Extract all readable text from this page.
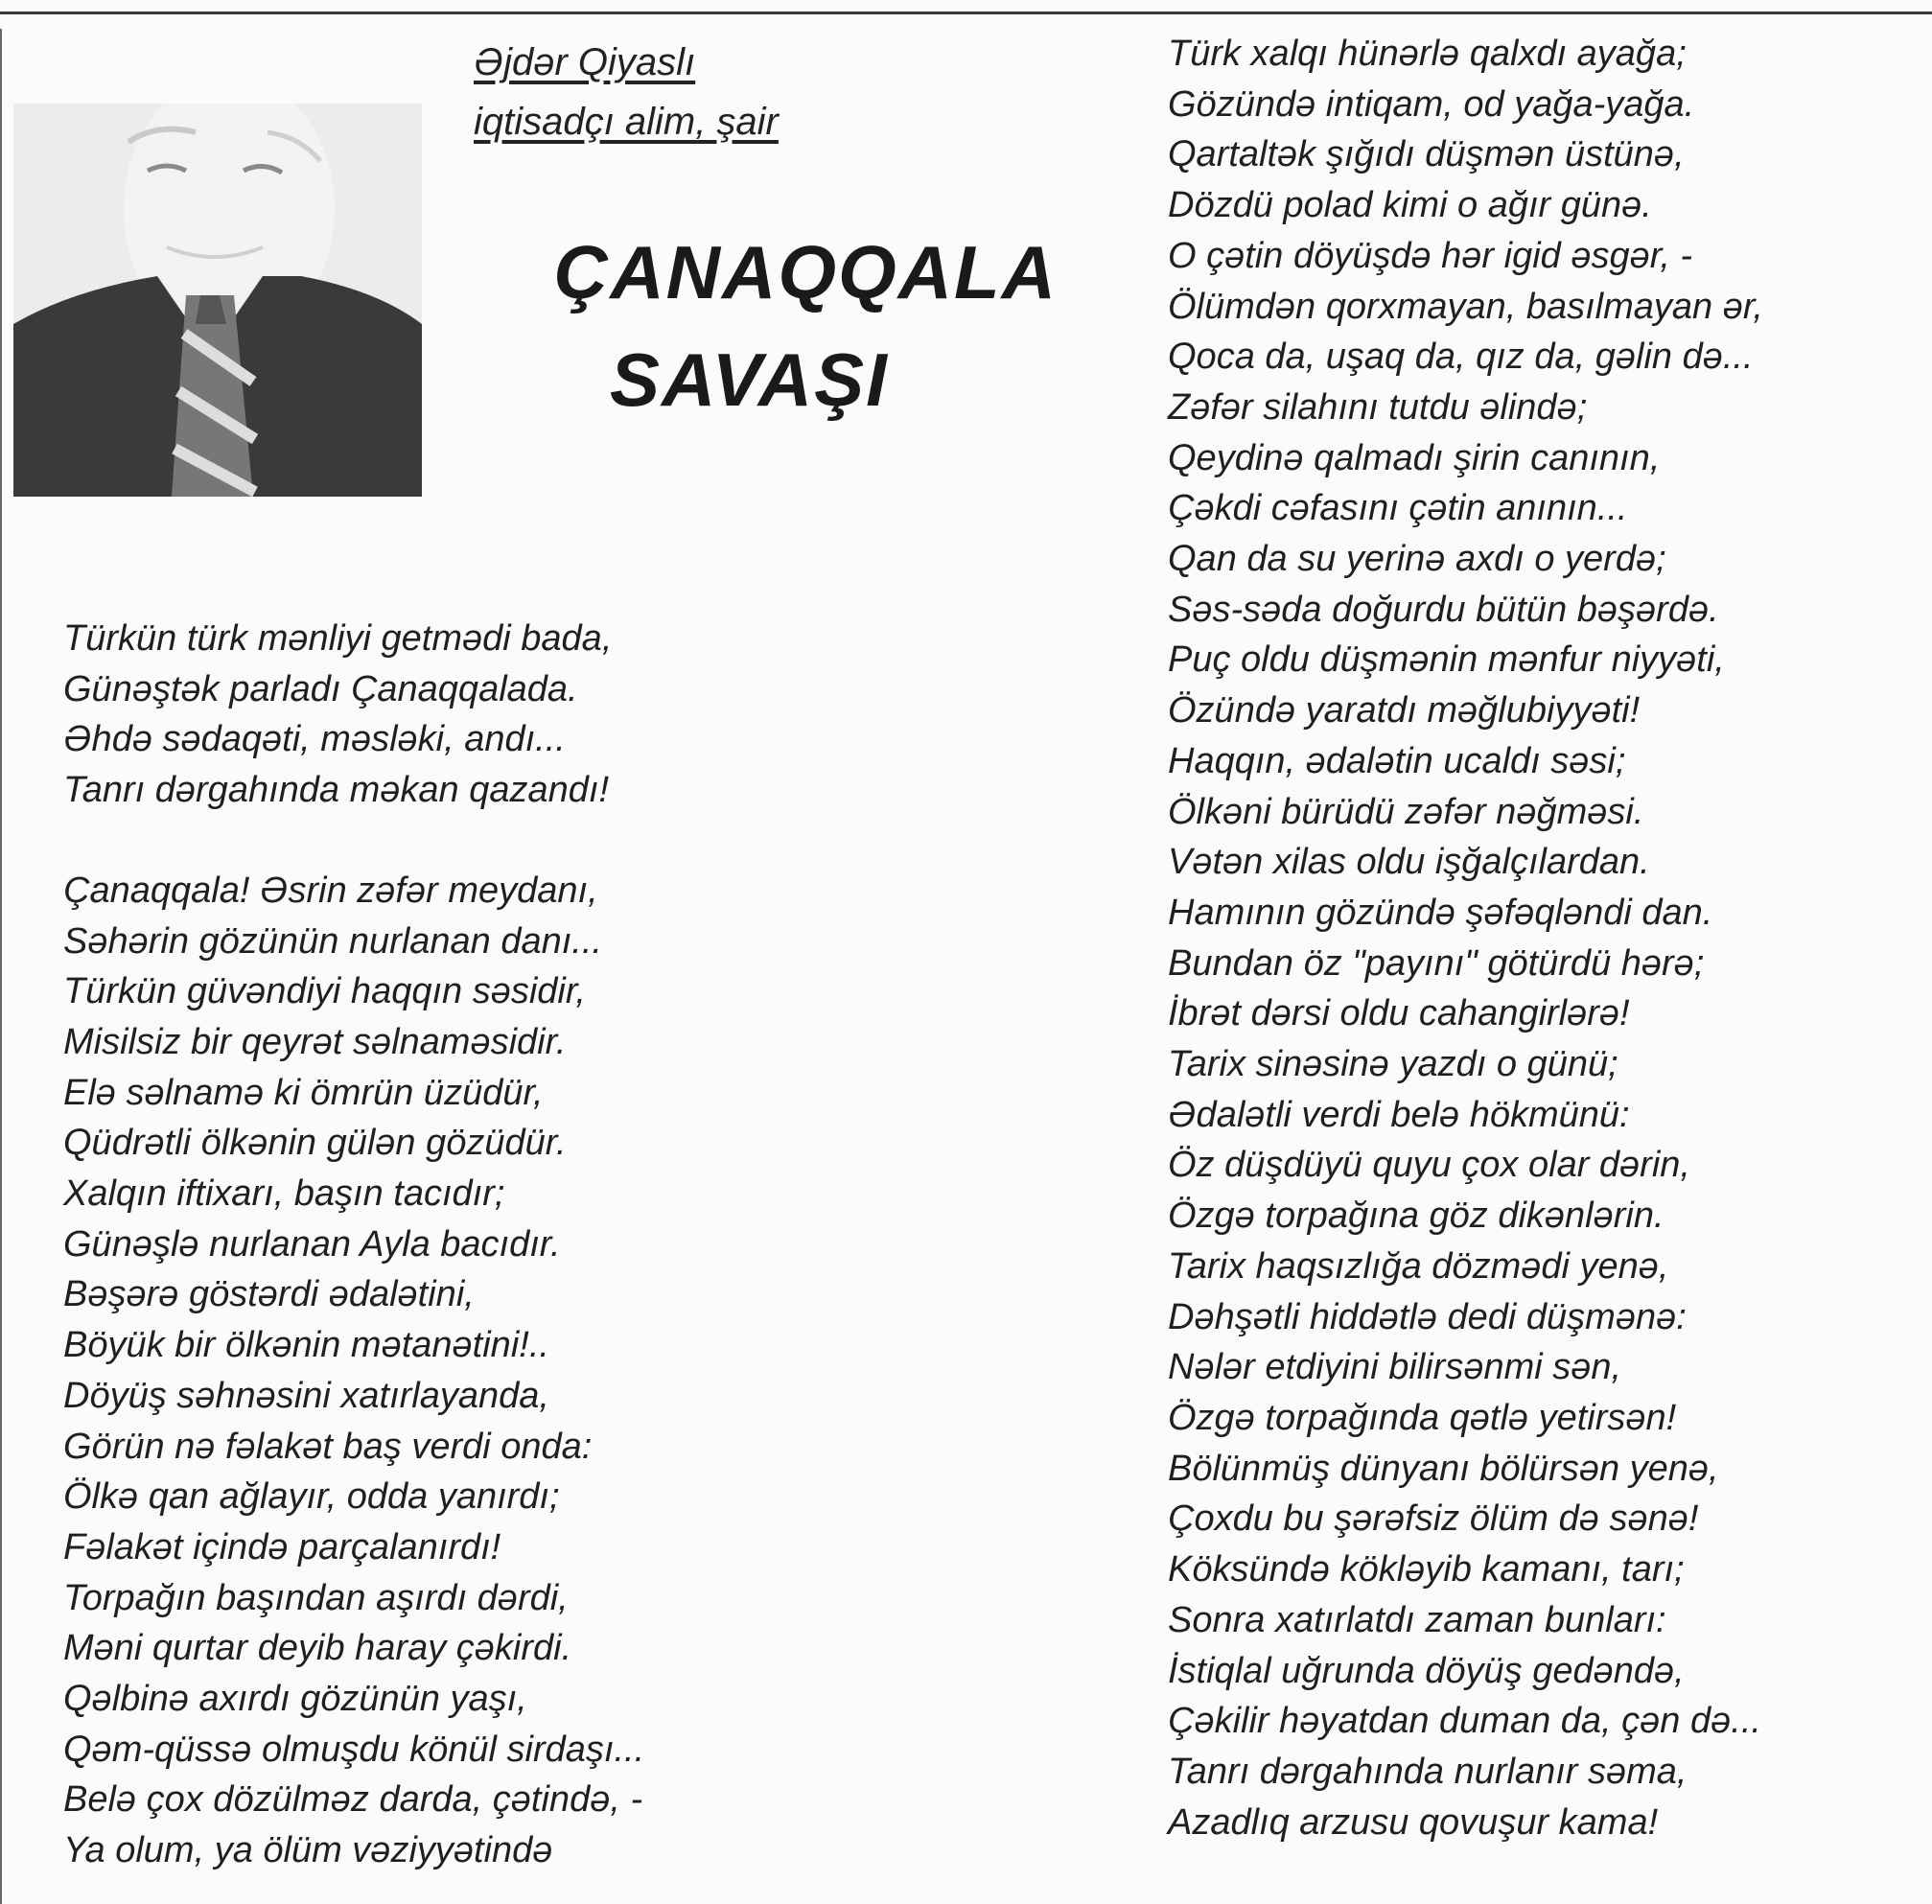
Əjdər Qiyaslı
iqtisadçı alim, şair
ÇANAQQALA
SAVAŞI
Türkün türk mənliyi getmədi bada,
Günəştək parladı Çanaqqalada.
Əhdə sədaqəti, məsləki, andı...
Tanrı dərgahında məkan qazandı!
Çanaqqala! Əsrin zəfər meydanı,
Səhərin gözünün nurlanan danı...
Türkün güvəndiyi haqqın səsidir,
Misilsiz bir qeyrət səlnaməsidir.
Elə səlnamə ki ömrün üzüdür,
Qüdrətli ölkənin gülən gözüdür.
Xalqın iftixarı, başın tacıdır;
Günəşlə nurlanan Ayla bacıdır.
Bəşərə göstərdi ədalətini,
Böyük bir ölkənin mətanətini!..
Döyüş səhnəsini xatırlayanda,
Görün nə fəlakət baş verdi onda:
Ölkə qan ağlayır, odda yanırdı;
Fəlakət içində parçalanırdı!
Torpağın başından aşırdı dərdi,
Məni qurtar deyib haray çəkirdi.
Qəlbinə axırdı gözünün yaşı,
Qəm-qüssə olmuşdu könül sirdaşı...
Belə çox dözülməz darda, çətində, -
Ya olum, ya ölüm vəziyyətində
Türk xalqı hünərlə qalxdı ayağa;
Gözündə intiqam, od yağa-yağa.
Qartaltək şığıdı düşmən üstünə,
Dözdü polad kimi o ağır günə.
O çətin döyüşdə hər igid əsgər, -
Ölümdən qorxmayan, basılmayan ər,
Qoca da, uşaq da, qız da, gəlin də...
Zəfər silahını tutdu əlində;
Qeydinə qalmadı şirin canının,
Çəkdi cəfasını çətin anının...
Qan da su yerinə axdı o yerdə;
Səs-səda doğurdu bütün bəşərdə.
Puç oldu düşmənin mənfur niyyəti,
Özündə yaratdı məğlubiyyəti!
Haqqın, ədalətin ucaldı səsi;
Ölkəni bürüdü zəfər nəğməsi.
Vətən xilas oldu işğalçılardan.
Hamının gözündə şəfəqləndi dan.
Bundan öz "payını" götürdü hərə;
İbrət dərsi oldu cahangirlərə!
Tarix sinəsinə yazdı o günü;
Ədalətli verdi belə hökmünü:
Öz düşdüyü quyu çox olar dərin,
Özgə torpağına göz dikənlərin.
Tarix haqsızlığa dözmədi yenə,
Dəhşətli hiddətlə dedi düşmənə:
Nələr etdiyini bilirsənmi sən,
Özgə torpağında qətlə yetirsən!
Bölünmüş dünyanı bölürsən yenə,
Çoxdu bu şərəfsiz ölüm də sənə!
Köksündə kökləyib kamanı, tarı;
Sonra xatırlatdı zaman bunları:
İstiqlal uğrunda döyüş gedəndə,
Çəkilir həyatdan duman da, çən də...
Tanrı dərgahında nurlanır səma,
Azadlıq arzusu qovuşur kama!
